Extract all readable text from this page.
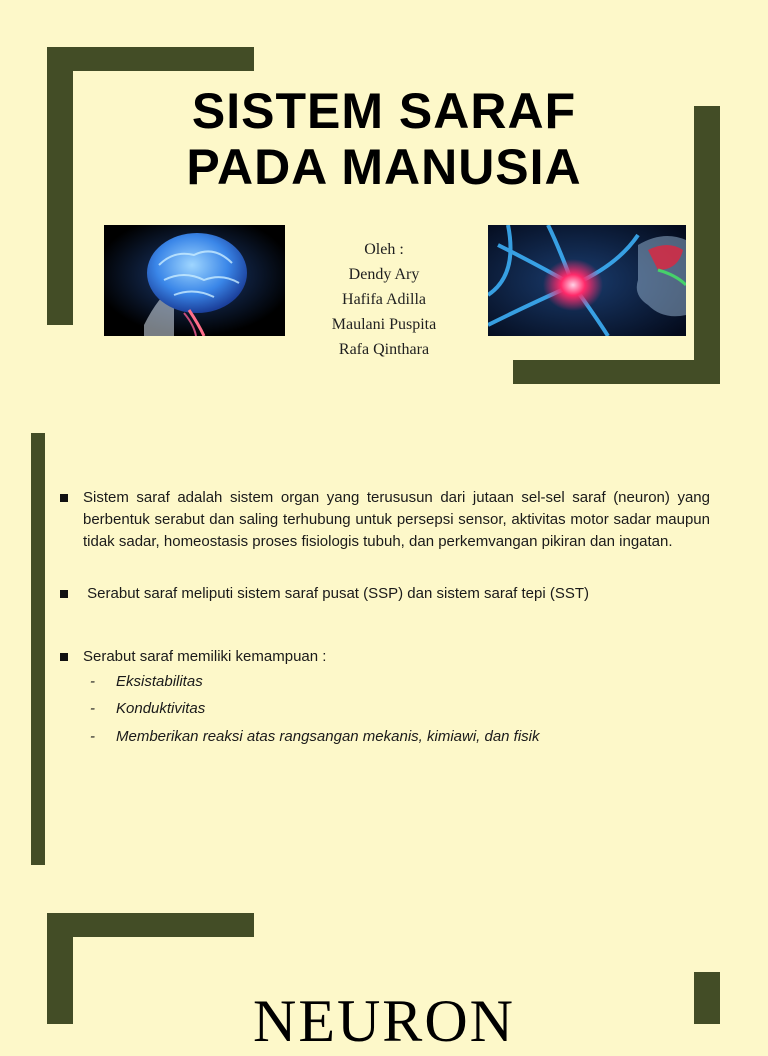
SISTEM SARAF
PADA MANUSIA
Oleh :
Dendy Ary
Hafifa Adilla
Maulani Puspita
Rafa Qinthara
Sistem saraf adalah sistem organ yang terususun dari jutaan sel-sel saraf (neuron) yang berbentuk serabut dan saling terhubung untuk persepsi sensor, aktivitas motor sadar maupun tidak sadar, homeostasis proses fisiologis tubuh, dan perkemvangan pikiran dan ingatan.
Serabut saraf meliputi sistem saraf pusat (SSP) dan sistem saraf tepi (SST)
Serabut saraf memiliki kemampuan :
- Eksistabilitas
- Konduktivitas
- Memberikan reaksi atas rangsangan mekanis, kimiawi, dan fisik
NEURON
